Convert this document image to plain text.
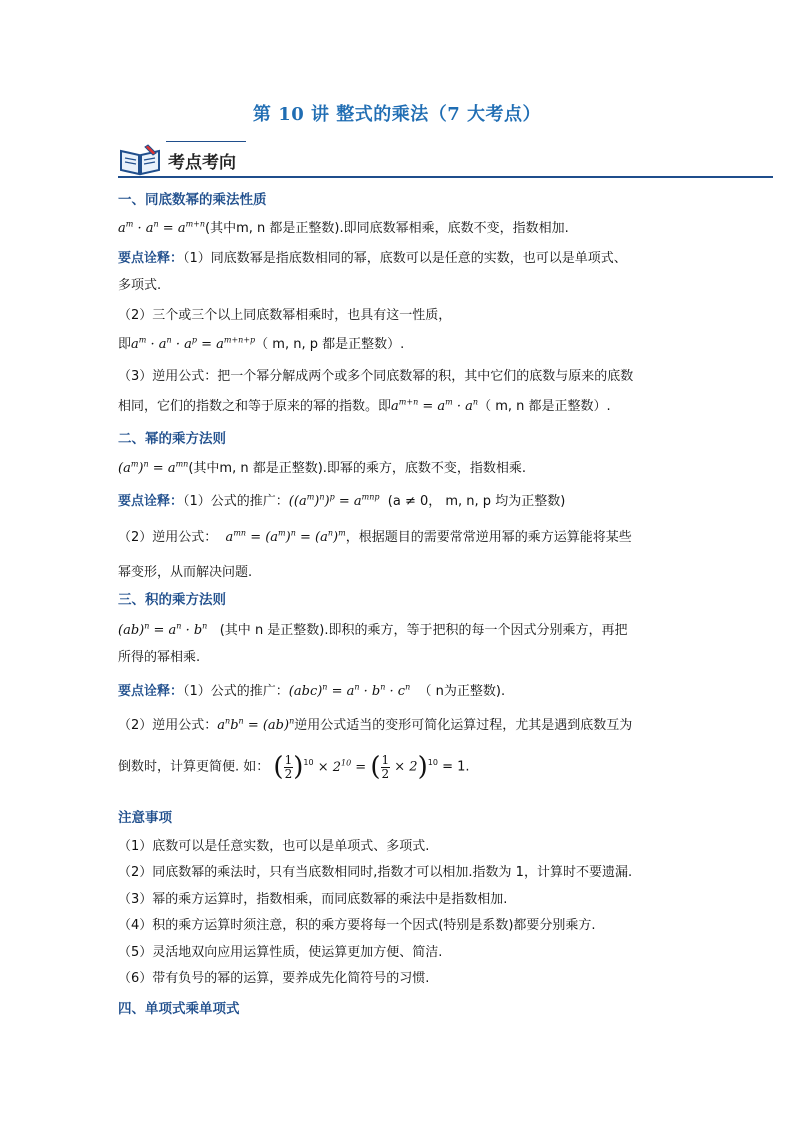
第 10 讲 整式的乘法（7 大考点）
考点考向
一、同底数幂的乘法性质
$a^m \cdot a^n = a^{m+n}$(其中m, n 都是正整数).即同底数幂相乘，底数不变，指数相加.
要点诠释：（1）同底数幂是指底数相同的幂，底数可以是任意的实数，也可以是单项式、
多项式.
（2）三个或三个以上同底数幂相乘时，也具有这一性质，
即$a^m \cdot a^n \cdot a^p = a^{m+n+p}$（ m, n, p 都是正整数）.
（3）逆用公式：把一个幂分解成两个或多个同底数幂的积，其中它们的底数与原来的底数
相同，它们的指数之和等于原来的幂的指数。即$a^{m+n} = a^m \cdot a^n$（ m, n 都是正整数）.
二、幂的乘方法则
$(a^m)^n = a^{mn}$(其中m, n 都是正整数).即幂的乘方，底数不变，指数相乘.
要点诠释：（1）公式的推广：$((a^m)^n)^p = a^{mnp}$ (a ≠ 0， m, n, p 均为正整数)
（2）逆用公式： $a^{mn} = (a^m)^n = (a^n)^m$，根据题目的需要常常逆用幂的乘方运算能将某些
幂变形，从而解决问题.
三、积的乘方法则
$(ab)^n = a^n \cdot b^n$ (其中 n 是正整数).即积的乘方，等于把积的每一个因式分别乘方，再把
所得的幂相乘.
要点诠释：（1）公式的推广：$(abc)^n = a^n \cdot b^n \cdot c^n$ （ n为正整数).
（2）逆用公式：$a^nb^n = (ab)^n$逆用公式适当的变形可简化运算过程，尤其是遇到底数互为
倒数时，计算更简便. 如： ( $\frac{1}{2} )^{10} \times 2^{10}$ = ( $\frac{1}{2} \times 2)^{10} = 1$.
注意事项
（1）底数可以是任意实数，也可以是单项式、多项式.
（2）同底数幂的乘法时，只有当底数相同时,指数才可以相加.指数为 1，计算时不要遗漏.
（3）幂的乘方运算时，指数相乘，而同底数幂的乘法中是指数相加.
（4）积的乘方运算时须注意，积的乘方要将每一个因式(特别是系数)都要分别乘方.
（5）灵活地双向应用运算性质，使运算更加方便、简洁.
（6）带有负号的幂的运算，要养成先化简符号的习惯.
四、单项式乘单项式
